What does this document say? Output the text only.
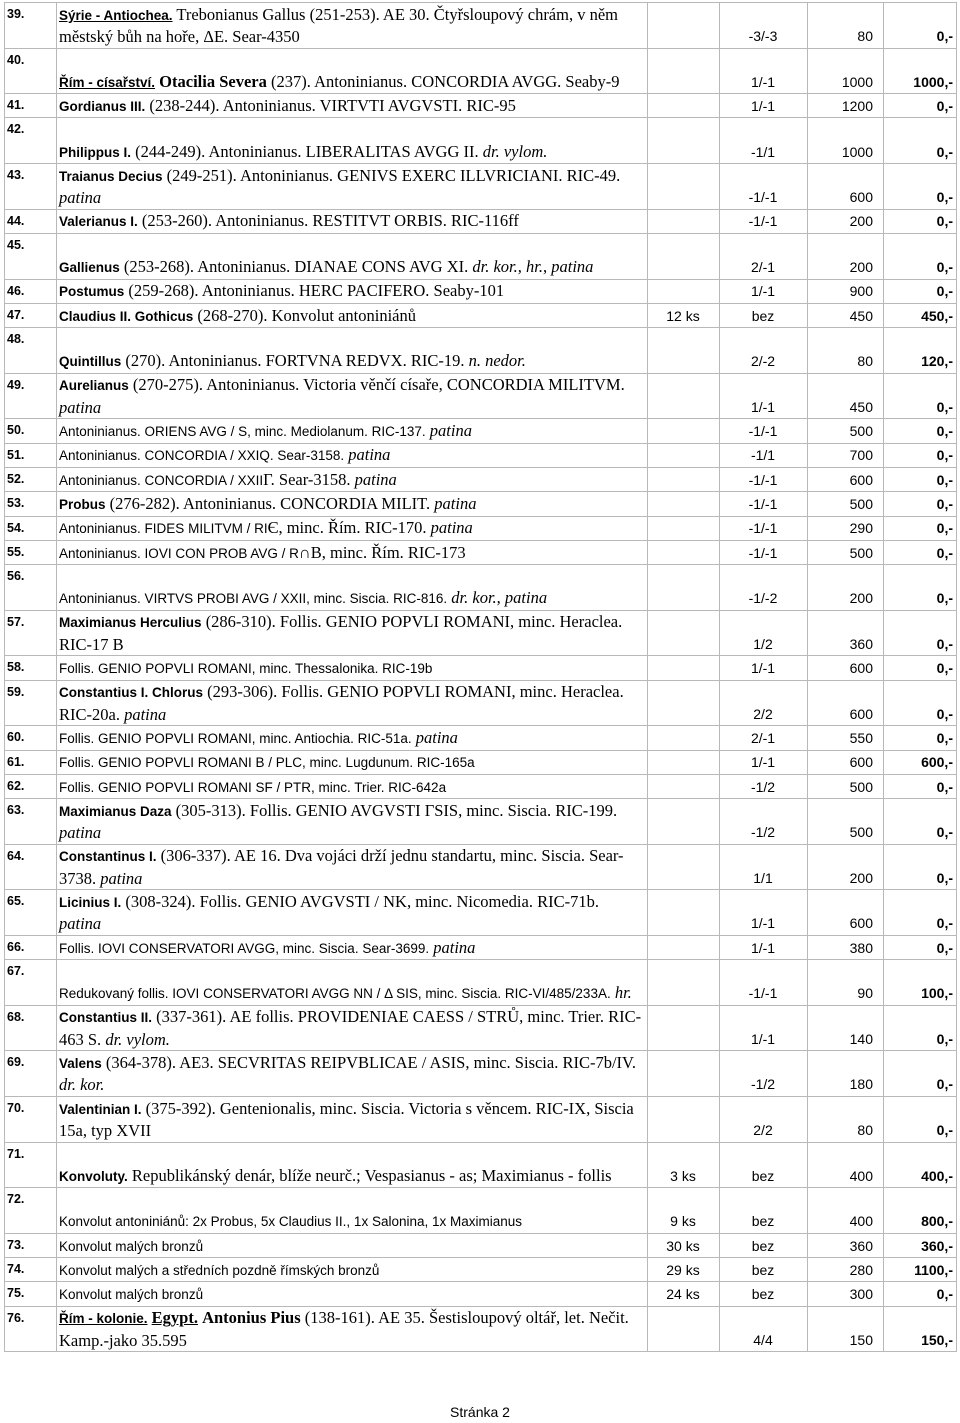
39.	Sýrie - Antiochea. Trebonianus Gallus (251-253). AE 30. Čtyřsloupový chrám, v něm městský bůh na hoře, ΔE. Sear-4350		-3/-3	80	0,-
40.	Řím - císařství. Otacilia Severa (237). Antoninianus. CONCORDIA AVGG. Seaby-9		1/-1	1000	1000,-
41.	Gordianus III. (238-244). Antoninianus. VIRTVTI AVGVSTI. RIC-95		1/-1	1200	0,-
42.	Philippus I. (244-249). Antoninianus. LIBERALITAS AVGG II. dr. vylom.		-1/1	1000	0,-
43.	Traianus Decius (249-251). Antoninianus. GENIVS EXERC ILLVRICIANI. RIC-49. patina		-1/-1	600	0,-
44.	Valerianus I. (253-260). Antoninianus. RESTITVT ORBIS. RIC-116ff		-1/-1	200	0,-
45.	Gallienus (253-268). Antoninianus. DIANAE CONS AVG XI. dr. kor., hr., patina		2/-1	200	0,-
46.	Postumus (259-268). Antoninianus. HERC PACIFERO. Seaby-101		1/-1	900	0,-
47.	Claudius II. Gothicus (268-270). Konvolut antoniniánů	12 ks	bez	450	450,-
48.	Quintillus (270). Antoninianus. FORTVNA REDVX. RIC-19. n. nedor.		2/-2	80	120,-
49.	Aurelianus (270-275). Antoninianus. Victoria věnčí císaře, CONCORDIA MILITVM. patina		1/-1	450	0,-
50.	Antoninianus. ORIENS AVG / S, minc. Mediolanum. RIC-137. patina		-1/-1	500	0,-
51.	Antoninianus. CONCORDIA / XXIQ. Sear-3158. patina		-1/1	700	0,-
52.	Antoninianus. CONCORDIA / XXIIΓ. Sear-3158. patina		-1/-1	600	0,-
53.	Probus (276-282). Antoninianus. CONCORDIA MILIT. patina		-1/-1	500	0,-
54.	Antoninianus. FIDES MILITVM / RIЄ, minc. Řím. RIC-170. patina		-1/-1	290	0,-
55.	Antoninianus. IOVI CON PROB AVG / R∩B, minc. Řím. RIC-173		-1/-1	500	0,-
56.	Antoninianus. VIRTVS PROBI AVG / XXII, minc. Siscia. RIC-816. dr. kor., patina		-1/-2	200	0,-
57.	Maximianus Herculius (286-310). Follis. GENIO POPVLI ROMANI, minc. Heraclea. RIC-17 B		1/2	360	0,-
58.	Follis. GENIO POPVLI ROMANI, minc. Thessalonika. RIC-19b		1/-1	600	0,-
59.	Constantius I. Chlorus (293-306). Follis. GENIO POPVLI ROMANI, minc. Heraclea. RIC-20a. patina		2/2	600	0,-
60.	Follis. GENIO POPVLI ROMANI, minc. Antiochia. RIC-51a. patina		2/-1	550	0,-
61.	Follis. GENIO POPVLI ROMANI B / PLC, minc. Lugdunum. RIC-165a		1/-1	600	600,-
62.	Follis. GENIO POPVLI ROMANI SF / PTR, minc. Trier. RIC-642a		-1/2	500	0,-
63.	Maximianus Daza (305-313). Follis. GENIO AVGVSTI ΓSIS, minc. Siscia. RIC-199. patina		-1/2	500	0,-
64.	Constantinus I. (306-337). AE 16. Dva vojáci drží jednu standartu, minc. Siscia. Sear-3738. patina		1/1	200	0,-
65.	Licinius I. (308-324). Follis. GENIO AVGVSTI / NK, minc. Nicomedia. RIC-71b. patina		1/-1	600	0,-
66.	Follis. IOVI CONSERVATORI AVGG, minc. Siscia. Sear-3699. patina		1/-1	380	0,-
67.	Redukovaný follis. IOVI CONSERVATORI AVGG NN / Δ SIS, minc. Siscia. RIC-VI/485/233A. hr.		-1/-1	90	100,-
68.	Constantius II. (337-361). AE follis. PROVIDENIAE CAESS / STRŮ, minc. Trier. RIC-463 S. dr. vylom.		1/-1	140	0,-
69.	Valens (364-378). AE3. SECVRITAS REIPVBLICAE / ASIS, minc. Siscia. RIC-7b/IV. dr. kor.		-1/2	180	0,-
70.	Valentinian I. (375-392). Gentenionalis, minc. Siscia. Victoria s věncem. RIC-IX, Siscia 15a, typ XVII		2/2	80	0,-
71.	Konvoluty. Republikánský denár, blíže neurč.; Vespasianus - as; Maximianus - follis	3 ks	bez	400	400,-
72.	Konvolut antoniniánů: 2x Probus, 5x Claudius II., 1x Salonina, 1x Maximianus	9 ks	bez	400	800,-
73.	Konvolut malých bronzů	30 ks	bez	360	360,-
74.	Konvolut malých a středních pozdně římských bronzů	29 ks	bez	280	1100,-
75.	Konvolut malých bronzů	24 ks	bez	300	0,-
76.	Řím - kolonie. Egypt. Antonius Pius (138-161). AE 35. Šestisloupový oltář, let. Nečit. Kamp.-jako 35.595		4/4	150	150,-
Stránka 2
